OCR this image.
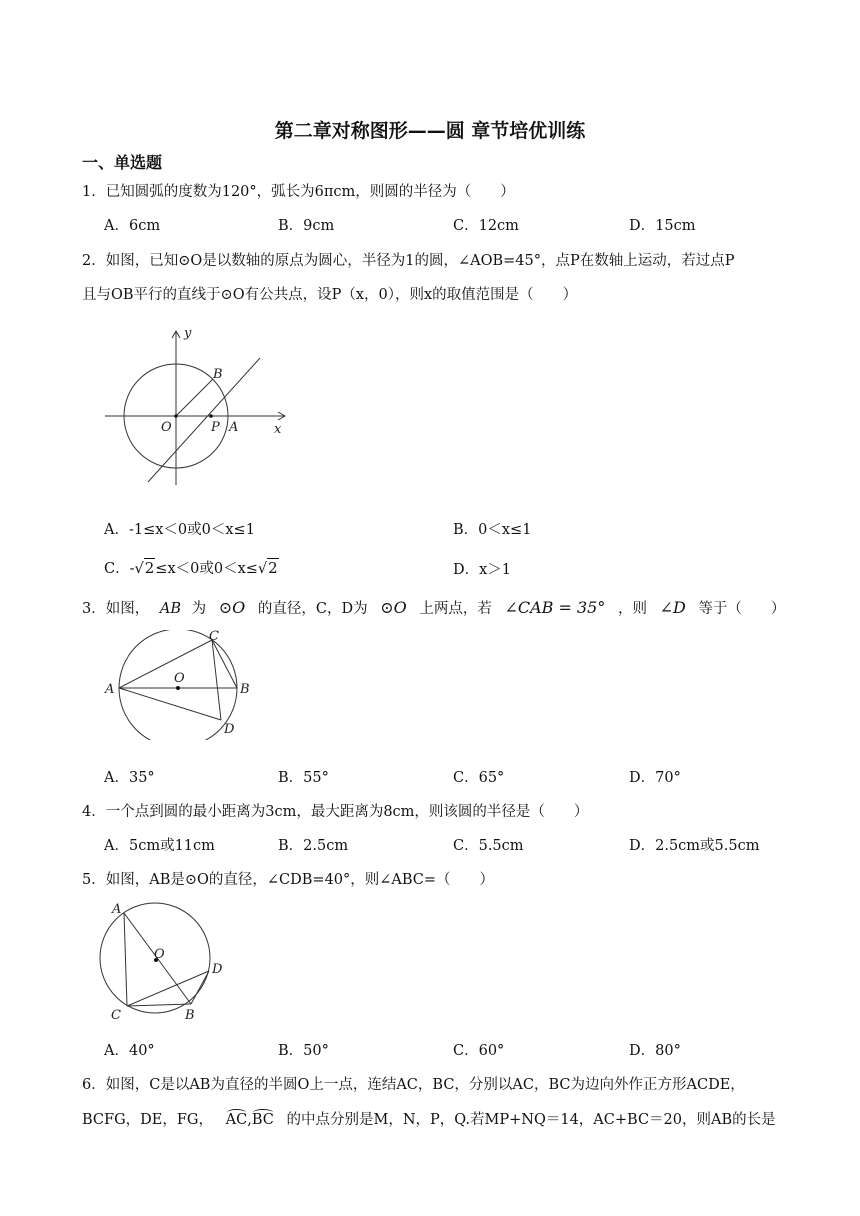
第二章对称图形——圆 章节培优训练
一、单选题
1．已知圆弧的度数为120°，弧长为6πcm，则圆的半径为（　　）
A．6cm	B．9cm	C．12cm	D．15cm
2．如图，已知⊙O是以数轴的原点为圆心，半径为1的圆，∠AOB=45°，点P在数轴上运动，若过点P
且与OB平行的直线于⊙O有公共点，设P（x，0），则x的取值范围是（　　）
y
x
O	P A
B
A．-1≤x＜0或0＜x≤1	B．0＜x≤1
C．-√2≤x＜0或0＜x≤√2	D．x＞1
3．如图， AB 为 ⊙O 的直径，C，D为 ⊙O 上两点，若 ∠CAB = 35° ，则 ∠D 等于（　　）
A	B
C
D
O
A．35°	B．55°	C．65°	D．70°
4．一个点到圆的最小距离为3cm，最大距离为8cm，则该圆的半径是（　　）
A．5cm或11cm	B．2.5cm	C．5.5cm	D．2.5cm或5.5cm
5．如图，AB是⊙O的直径，∠CDB=40°，则∠ABC=（　　）
A
O
D
C	B
A．40°	B．50°	C．60°	D．80°
6．如图，C是以AB为直径的半圆O上一点，连结AC，BC，分别以AC，BC为边向外作正方形ACDE，
BCFG，DE，FG， AC,BC 的中点分别是M，N，P，Q.若MP+NQ＝14，AC+BC＝20，则AB的长是
